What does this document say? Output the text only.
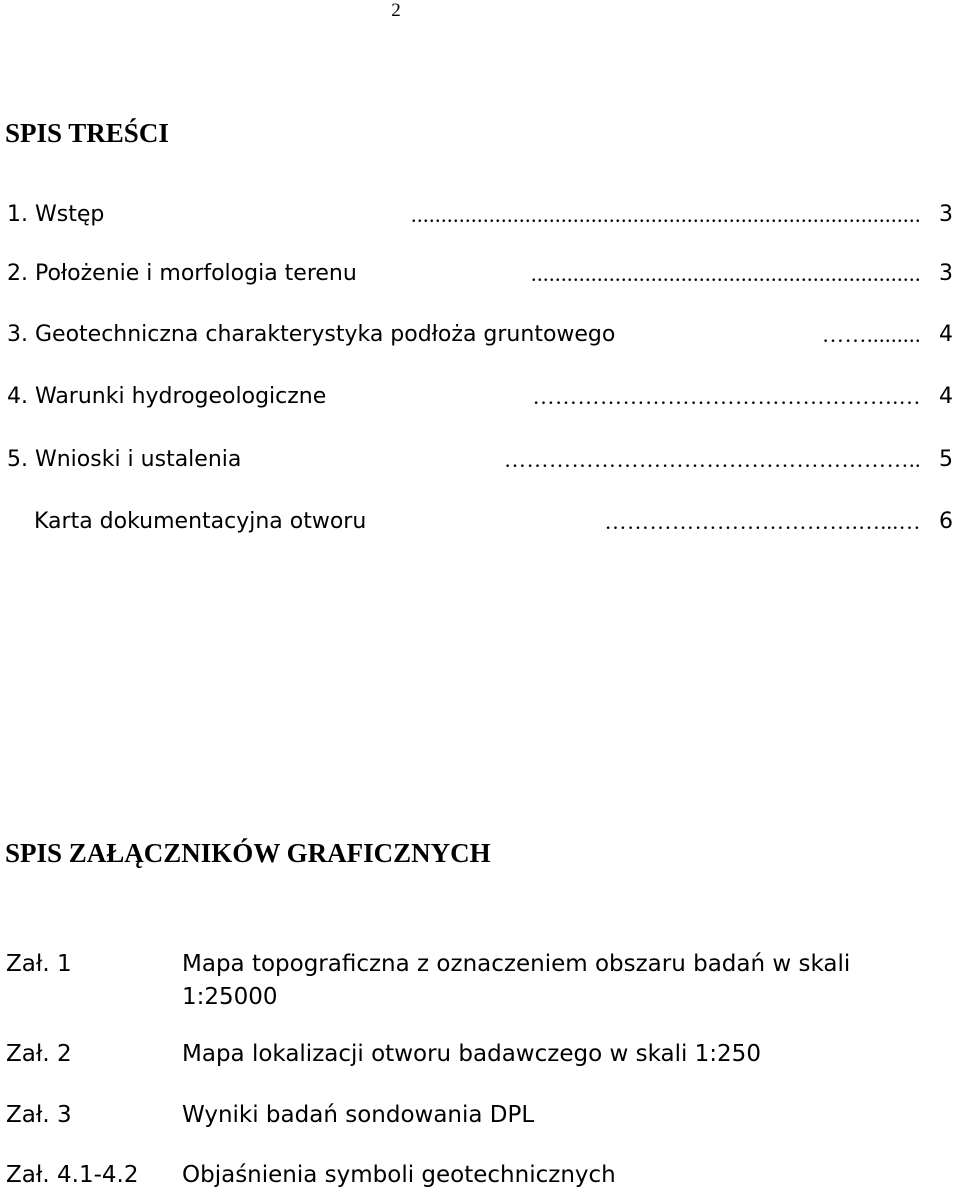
2
SPIS TREŚCI
1. Wstęp	..................................................................................... 3
2. Położenie i morfologia terenu	................................................................. 3
3. Geotechniczna charakterystyka podłoża gruntowego	……......... 4
4. Warunki hydrogeologiczne	………………………………………….… 4
5. Wnioski i ustalenia	……………………………………………….. 5
Karta dokumentacyjna otworu	…………………………….…...… 6
SPIS ZAŁĄCZNIKÓW GRAFICZNYCH
Zał. 1	Mapa topograficzna z oznaczeniem obszaru badań w skali 1:25000
Zał. 2	Mapa lokalizacji otworu badawczego w skali 1:250
Zał. 3	Wyniki badań sondowania DPL
Zał. 4.1-4.2 Objaśnienia symboli geotechnicznych
